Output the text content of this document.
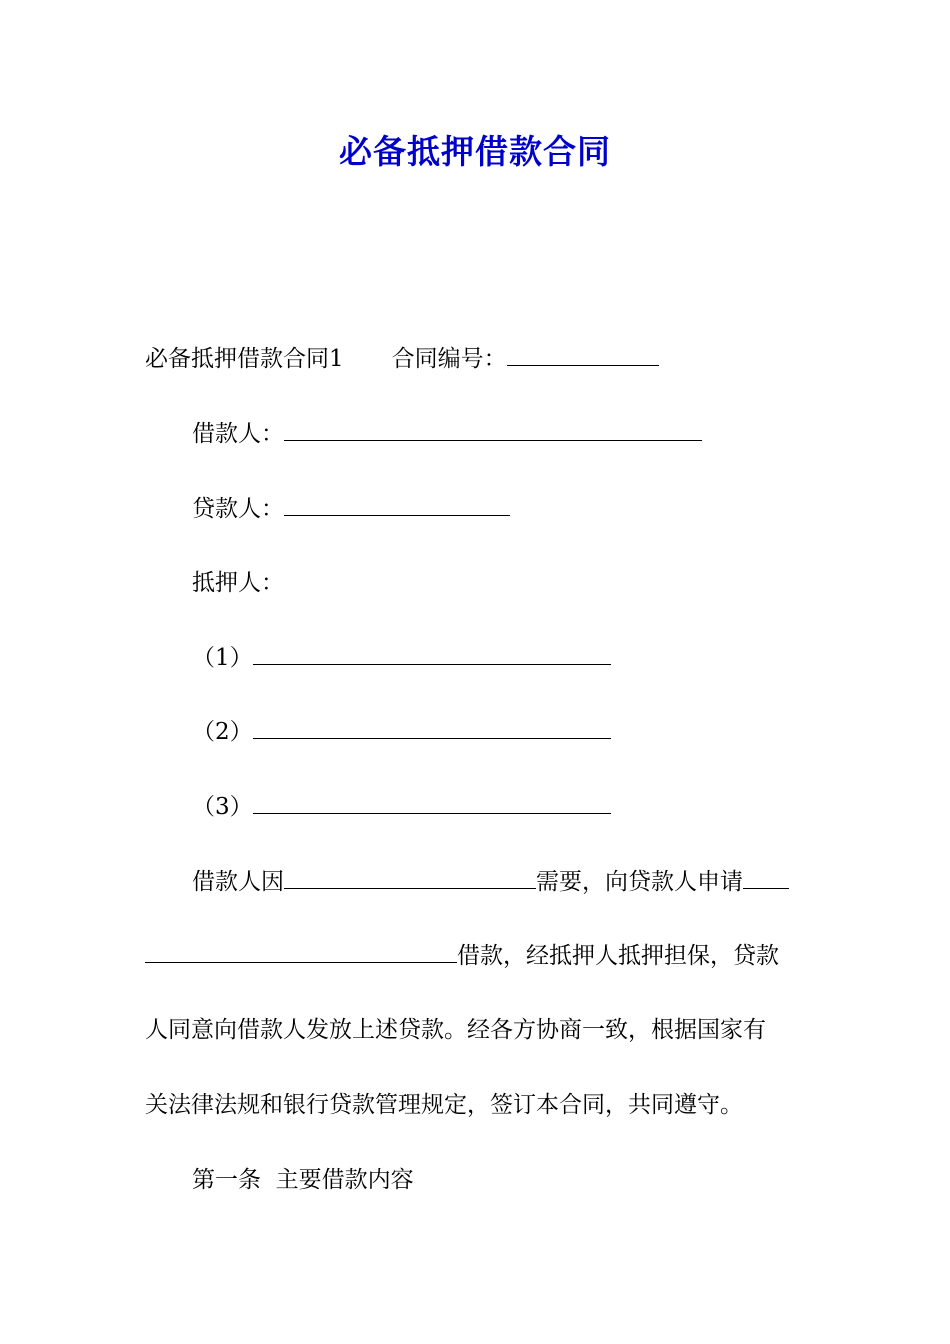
必备抵押借款合同
必备抵押借款合同1 合同编号：
借款人：
贷款人：
抵押人：
（1）
（2）
（3）
借款人因	需要，向贷款人申请
借款，经抵押人抵押担保，贷款
人同意向借款人发放上述贷款。经各方协商一致，根据国家有
关法律法规和银行贷款管理规定，签订本合同，共同遵守。
第一条  主要借款内容
